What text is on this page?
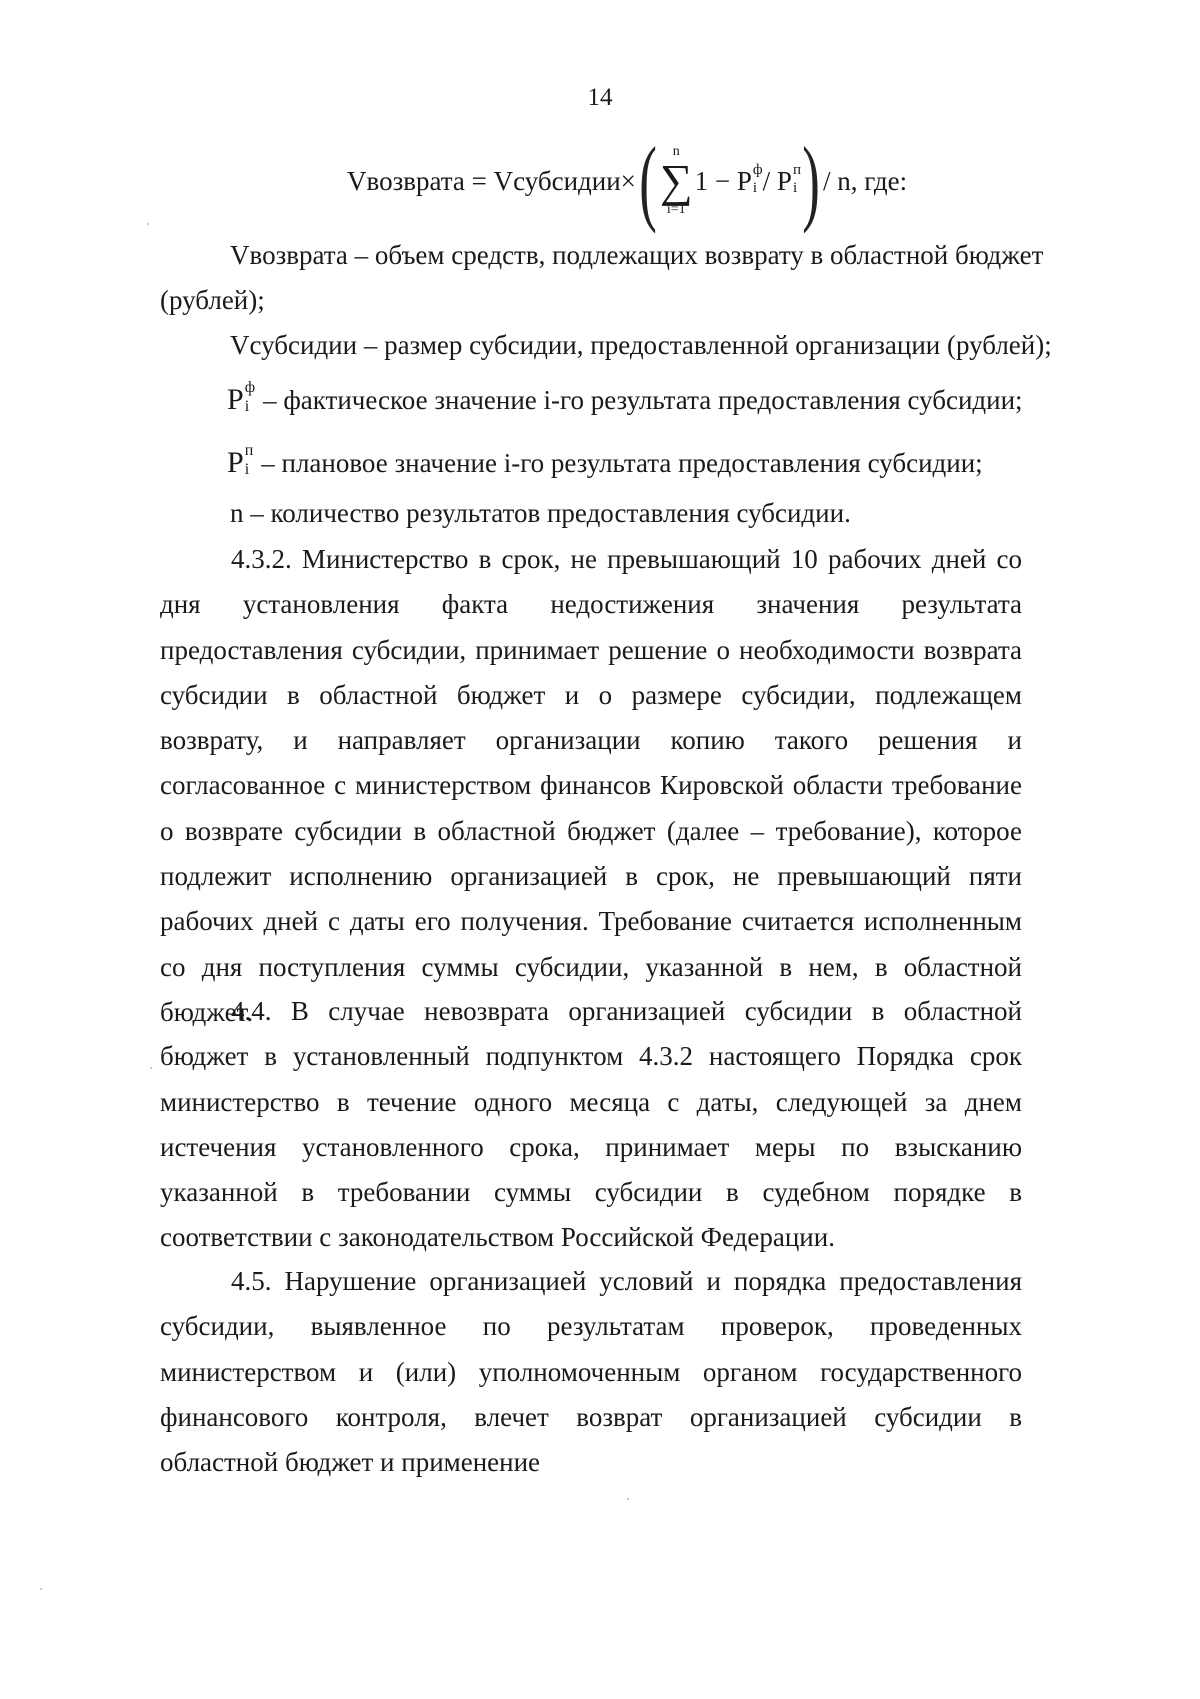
14
Vвозврата = Vсубсидии× ( n
∑
i=1
1 − P ф
i / P п
i ) / n, где:
Vвозврата – объем средств, подлежащих возврату в областной бюджет
(рублей);
Vсубсидии – размер субсидии, предоставленной организации (рублей);
P ф
i – фактическое значение i-го результата предоставления субсидии;
P п
i – плановое значение i-го результата предоставления субсидии;
n – количество результатов предоставления субсидии.

4.3.2. Министерство в срок, не превышающий 10 рабочих дней со дня установления факта недостижения значения результата предоставления субсидии, принимает решение о необходимости возврата субсидии в областной бюджет и о размере субсидии, подлежащем возврату, и направляет организации копию такого решения и согласованное с министерством финансов Кировской области требование о возврате субсидии в областной бюджет (далее – требование), которое подлежит исполнению организацией в срок, не превышающий пяти рабочих дней с даты его получения. Требование считается исполненным со дня поступления суммы субсидии, указанной в нем, в областной бюджет.

4.4. В случае невозврата организацией субсидии в областной бюджет в установленный подпунктом 4.3.2 настоящего Порядка срок министерство в течение одного месяца с даты, следующей за днем истечения установленного срока, принимает меры по взысканию указанной в требовании суммы субсидии в судебном порядке в соответствии с законодательством Российской Федерации.

4.5. Нарушение организацией условий и порядка предоставления субсидии, выявленное по результатам проверок, проведенных министерством и (или) уполномоченным органом государственного финансового контроля, влечет возврат организацией субсидии в областной бюджет и применение
